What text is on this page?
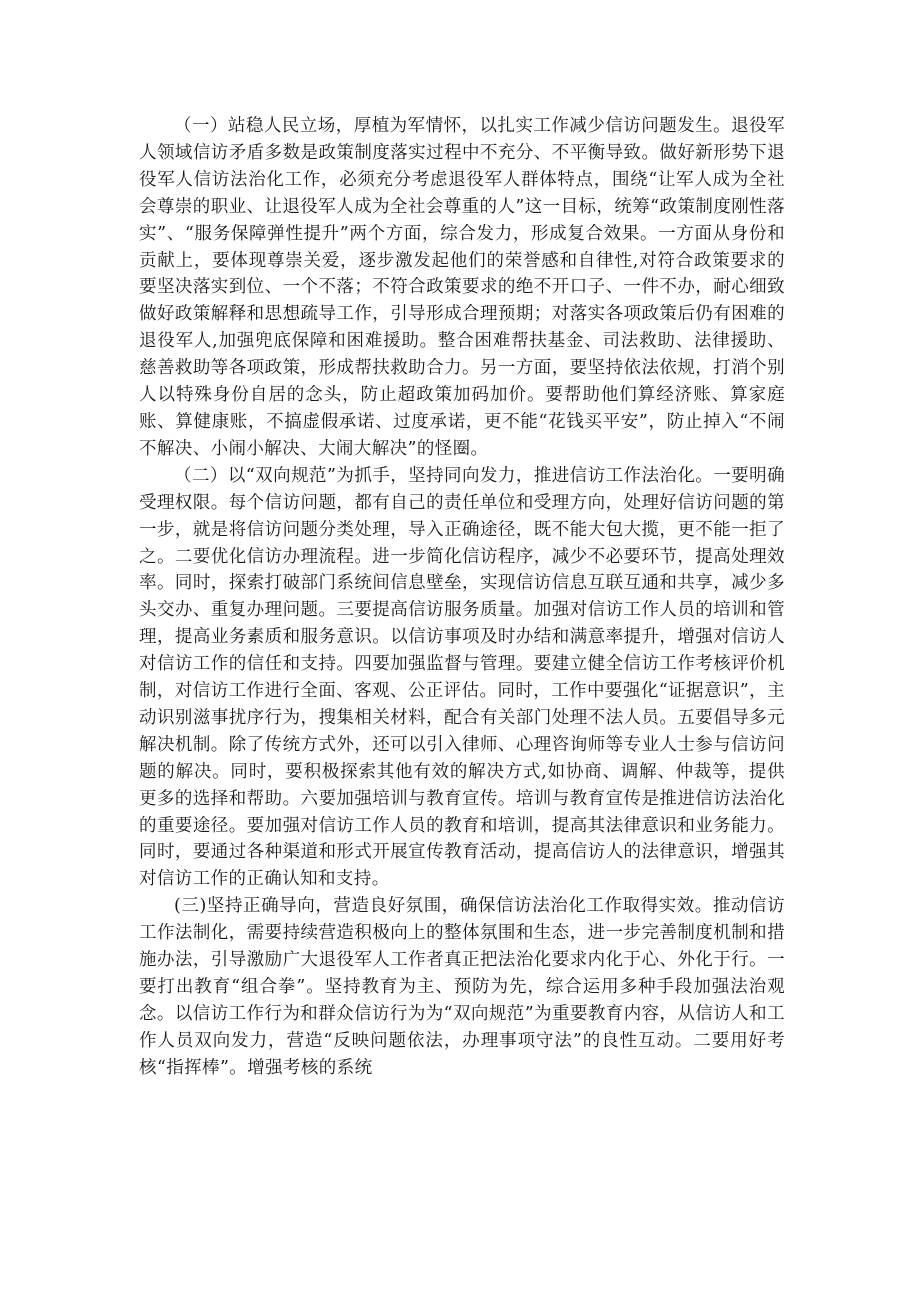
（一）站稳人民立场，厚植为军情怀，以扎实工作减少信访问题发生。退役军人领域信访矛盾多数是政策制度落实过程中不充分、不平衡导致。做好新形势下退役军人信访法治化工作，必须充分考虑退役军人群体特点，围绕“让军人成为全社会尊崇的职业、让退役军人成为全社会尊重的人”这一目标，统筹“政策制度刚性落实”、“服务保障弹性提升”两个方面，综合发力，形成复合效果。一方面从身份和贡献上，要体现尊崇关爱，逐步激发起他们的荣誉感和自律性,对符合政策要求的要坚决落实到位、一个不落；不符合政策要求的绝不开口子、一件不办，耐心细致做好政策解释和思想疏导工作，引导形成合理预期；对落实各项政策后仍有困难的退役军人,加强兜底保障和困难援助。整合困难帮扶基金、司法救助、法律援助、慈善救助等各项政策，形成帮扶救助合力。另一方面，要坚持依法依规，打消个别人以特殊身份自居的念头，防止超政策加码加价。要帮助他们算经济账、算家庭账、算健康账，不搞虚假承诺、过度承诺，更不能“花钱买平安”，防止掉入“不闹不解决、小闹小解决、大闹大解决”的怪圈。

（二）以“双向规范”为抓手，坚持同向发力，推进信访工作法治化。一要明确受理权限。每个信访问题，都有自己的责任单位和受理方向，处理好信访问题的第一步，就是将信访问题分类处理，导入正确途径，既不能大包大揽，更不能一拒了之。二要优化信访办理流程。进一步简化信访程序，减少不必要环节，提高处理效率。同时，探索打破部门系统间信息壁垒，实现信访信息互联互通和共享，减少多头交办、重复办理问题。三要提高信访服务质量。加强对信访工作人员的培训和管理，提高业务素质和服务意识。以信访事项及时办结和满意率提升，增强对信访人对信访工作的信任和支持。四要加强监督与管理。要建立健全信访工作考核评价机制，对信访工作进行全面、客观、公正评估。同时，工作中要强化“证据意识”，主动识别滋事扰序行为，搜集相关材料，配合有关部门处理不法人员。五要倡导多元解决机制。除了传统方式外，还可以引入律师、心理咨询师等专业人士参与信访问题的解决。同时，要积极探索其他有效的解决方式,如协商、调解、仲裁等，提供更多的选择和帮助。六要加强培训与教育宣传。培训与教育宣传是推进信访法治化的重要途径。要加强对信访工作人员的教育和培训，提高其法律意识和业务能力。同时，要通过各种渠道和形式开展宣传教育活动，提高信访人的法律意识，增强其对信访工作的正确认知和支持。

(三)坚持正确导向，营造良好氛围，确保信访法治化工作取得实效。推动信访工作法制化，需要持续营造积极向上的整体氛围和生态，进一步完善制度机制和措施办法，引导激励广大退役军人工作者真正把法治化要求内化于心、外化于行。一要打出教育“组合拳”。坚持教育为主、预防为先，综合运用多种手段加强法治观念。以信访工作行为和群众信访行为为“双向规范”为重要教育内容，从信访人和工作人员双向发力，营造“反映问题依法，办理事项守法”的良性互动。二要用好考核“指挥棒”。增强考核的系统
